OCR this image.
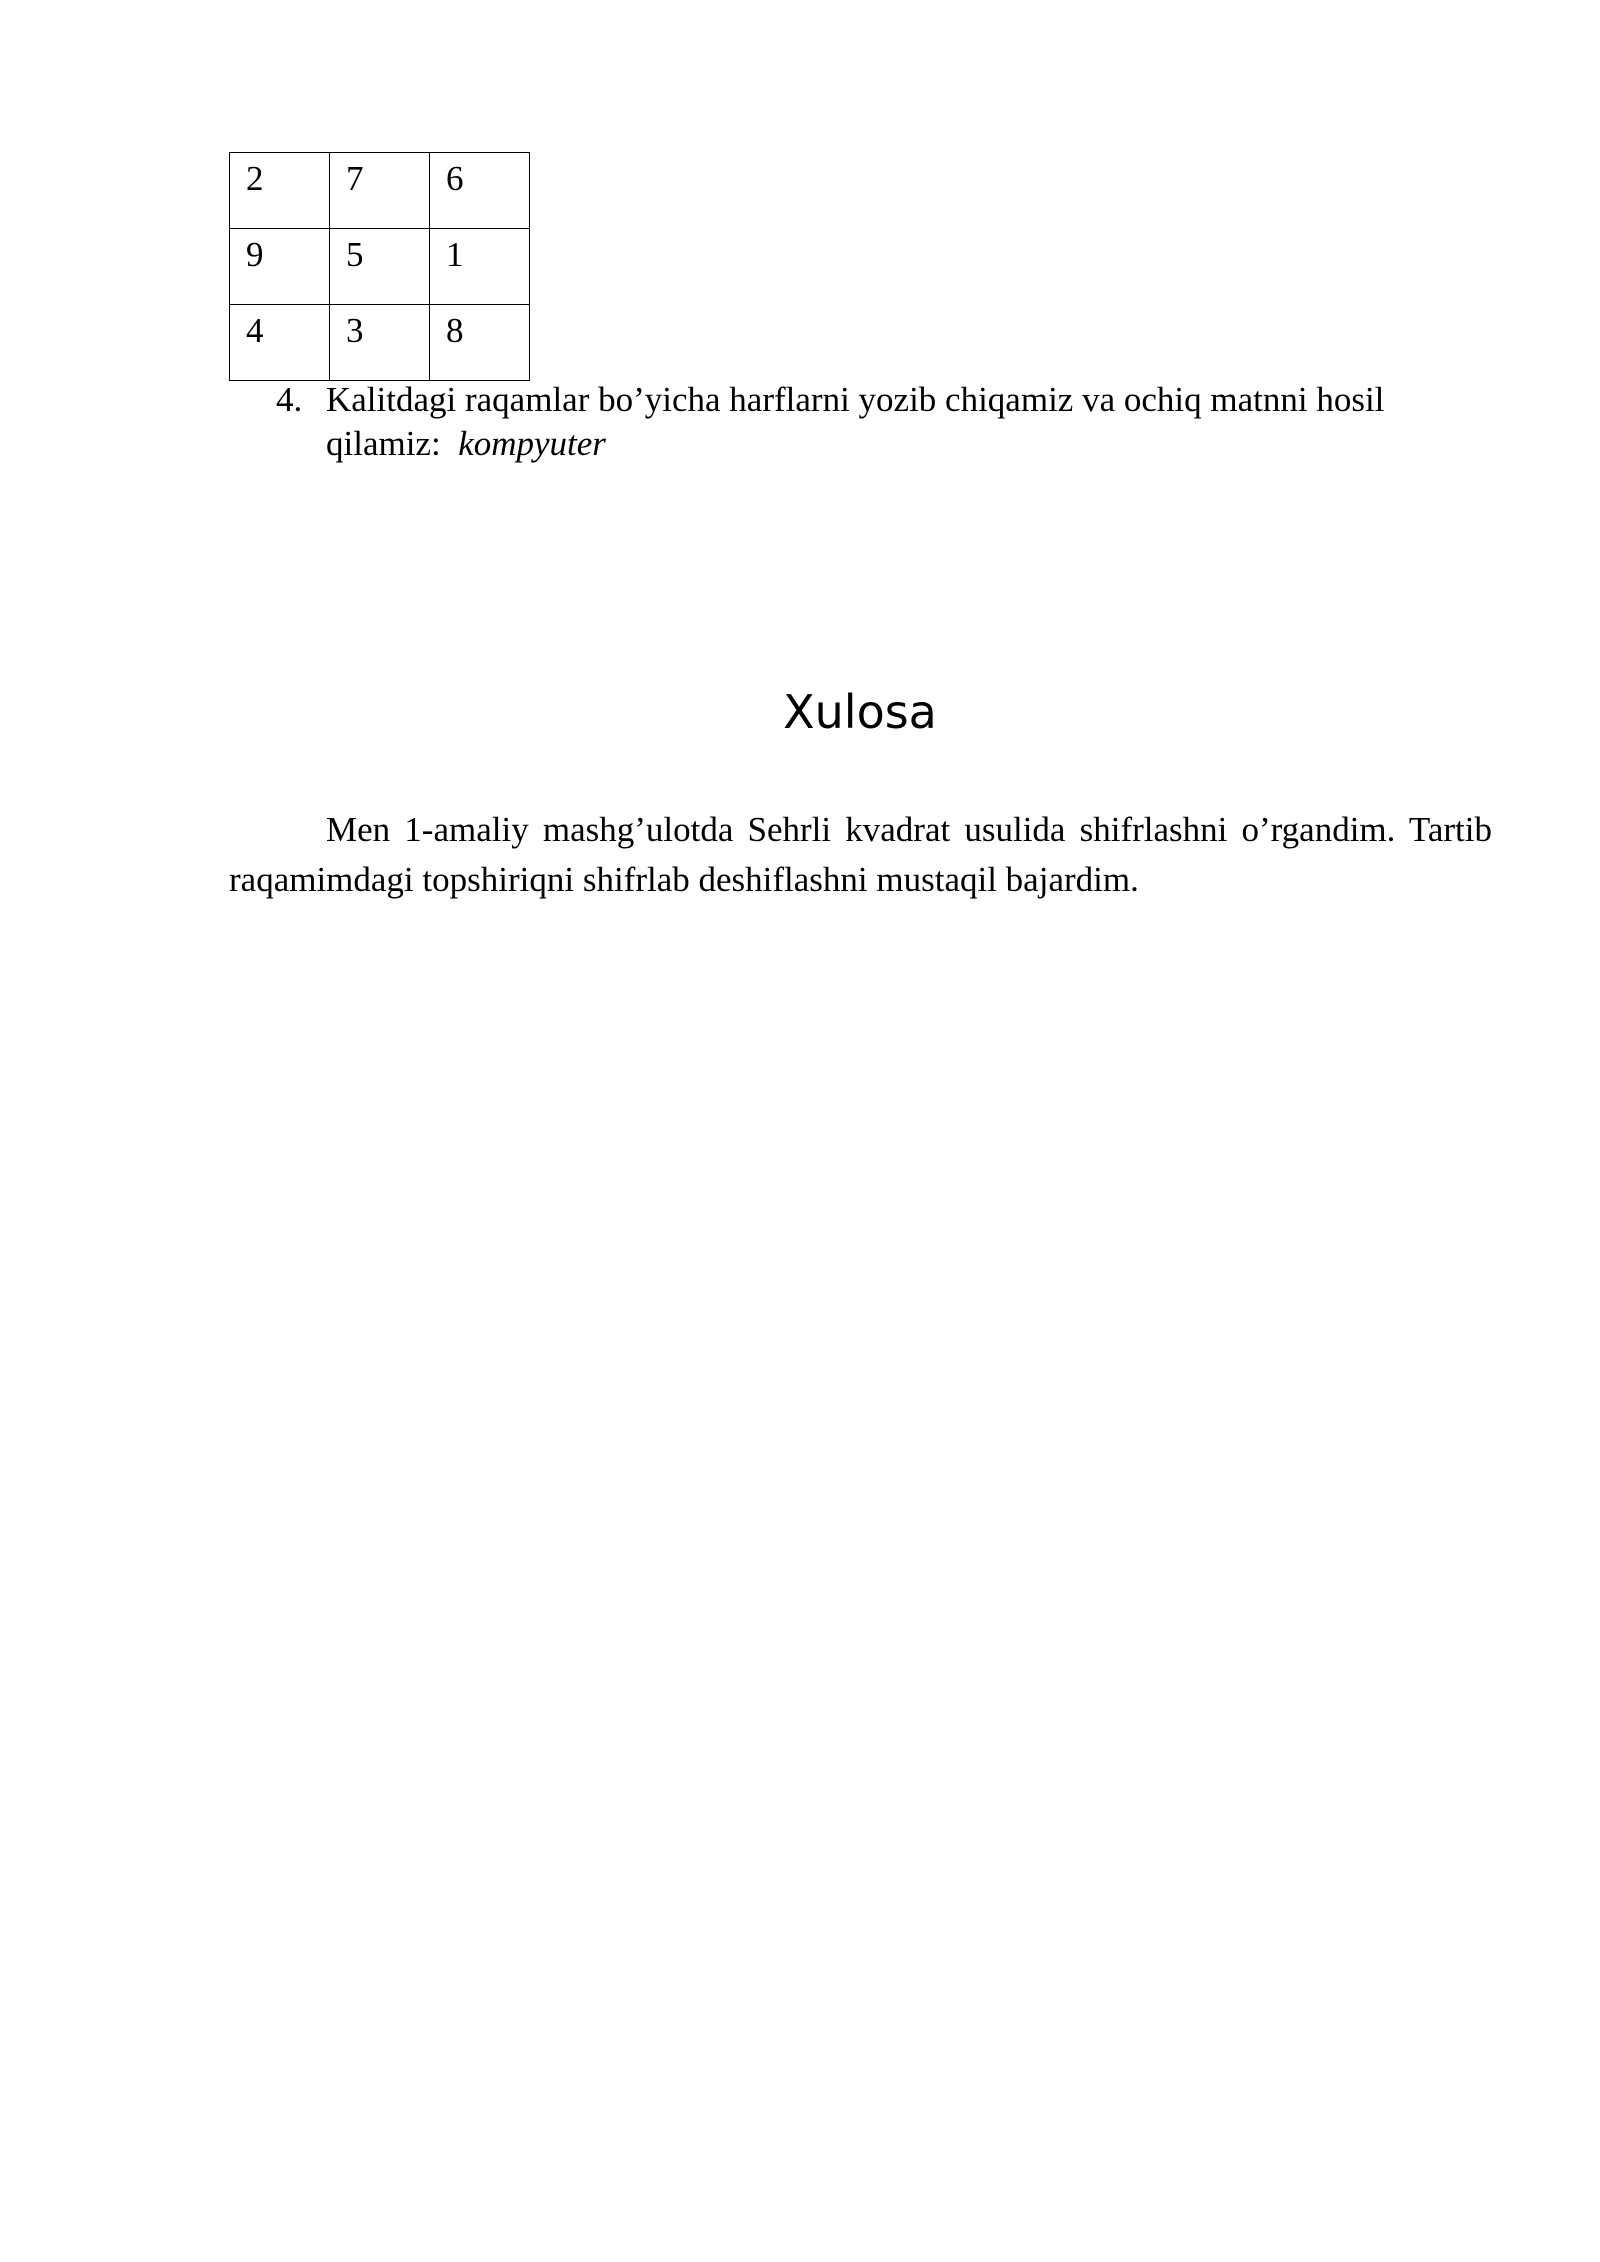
2	7	6
9	5	1
4	3	8
4. Kalitdagi raqamlar bo’yicha harflarni yozib chiqamiz va ochiq matnni hosil qilamiz: kompyuter
Xulosa

Men 1-amaliy mashg’ulotda Sehrli kvadrat usulida shifrlashni o’rgandim. Tartib raqamimdagi topshiriqni shifrlab deshiflashni mustaqil bajardim.
